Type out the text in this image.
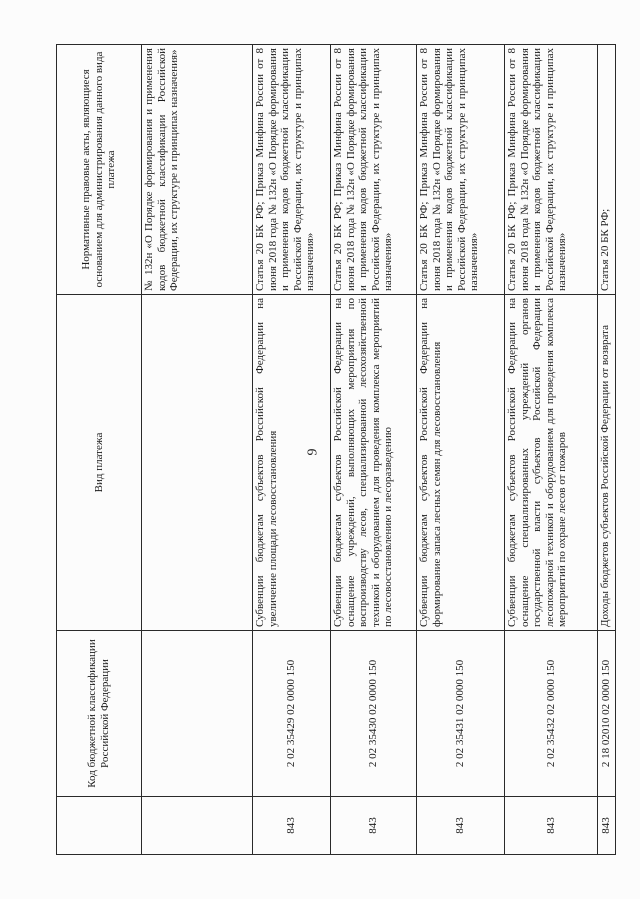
	Код бюджетной классификации Российской Федерации	Вид платежа	Нормативные правовые акты, являющиеся основанием для администрирования данного вида платежа
			№ 132н «О Порядке формирования и применения кодов бюджетной классификации Российской Федерации, их структуре и принципах назначения»
843	2 02 35429 02 0000 150	Субвенции бюджетам субъектов Российской Федерации на увеличение площади лесовосстановления	Статья 20 БК РФ; Приказ Минфина России от 8 июня 2018 года № 132н «О Порядке формирования и применения кодов бюджетной классификации Российской Федерации, их структуре и принципах назначения»
843	2 02 35430 02 0000 150	Субвенции бюджетам субъектов Российской Федерации на оснащение учреждений, выполняющих мероприятия по воспроизводству лесов, специализированной лесохозяйственной техникой и оборудованием для проведения комплекса мероприятий по лесовосстановлению и лесоразведению	Статья 20 БК РФ; Приказ Минфина России от 8 июня 2018 года № 132н «О Порядке формирования и применения кодов бюджетной классификации Российской Федерации, их структуре и принципах назначения»
843	2 02 35431 02 0000 150	Субвенции бюджетам субъектов Российской Федерации на формирование запаса лесных семян для лесовосстановления	Статья 20 БК РФ; Приказ Минфина России от 8 июня 2018 года № 132н «О Порядке формирования и применения кодов бюджетной классификации Российской Федерации, их структуре и принципах назначения»
843	2 02 35432 02 0000 150	Субвенции бюджетам субъектов Российской Федерации на оснащение специализированных учреждений органов государственной власти субъектов Российской Федерации лесопожарной техникой и оборудованием для проведения комплекса мероприятий по охране лесов от пожаров	Статья 20 БК РФ; Приказ Минфина России от 8 июня 2018 года № 132н «О Порядке формирования и применения кодов бюджетной классификации Российской Федерации, их структуре и принципах назначения»
843	2 18 02010 02 0000 150	Доходы бюджетов субъектов Российской Федерации от возврата	Статья 20 БК РФ;
9
